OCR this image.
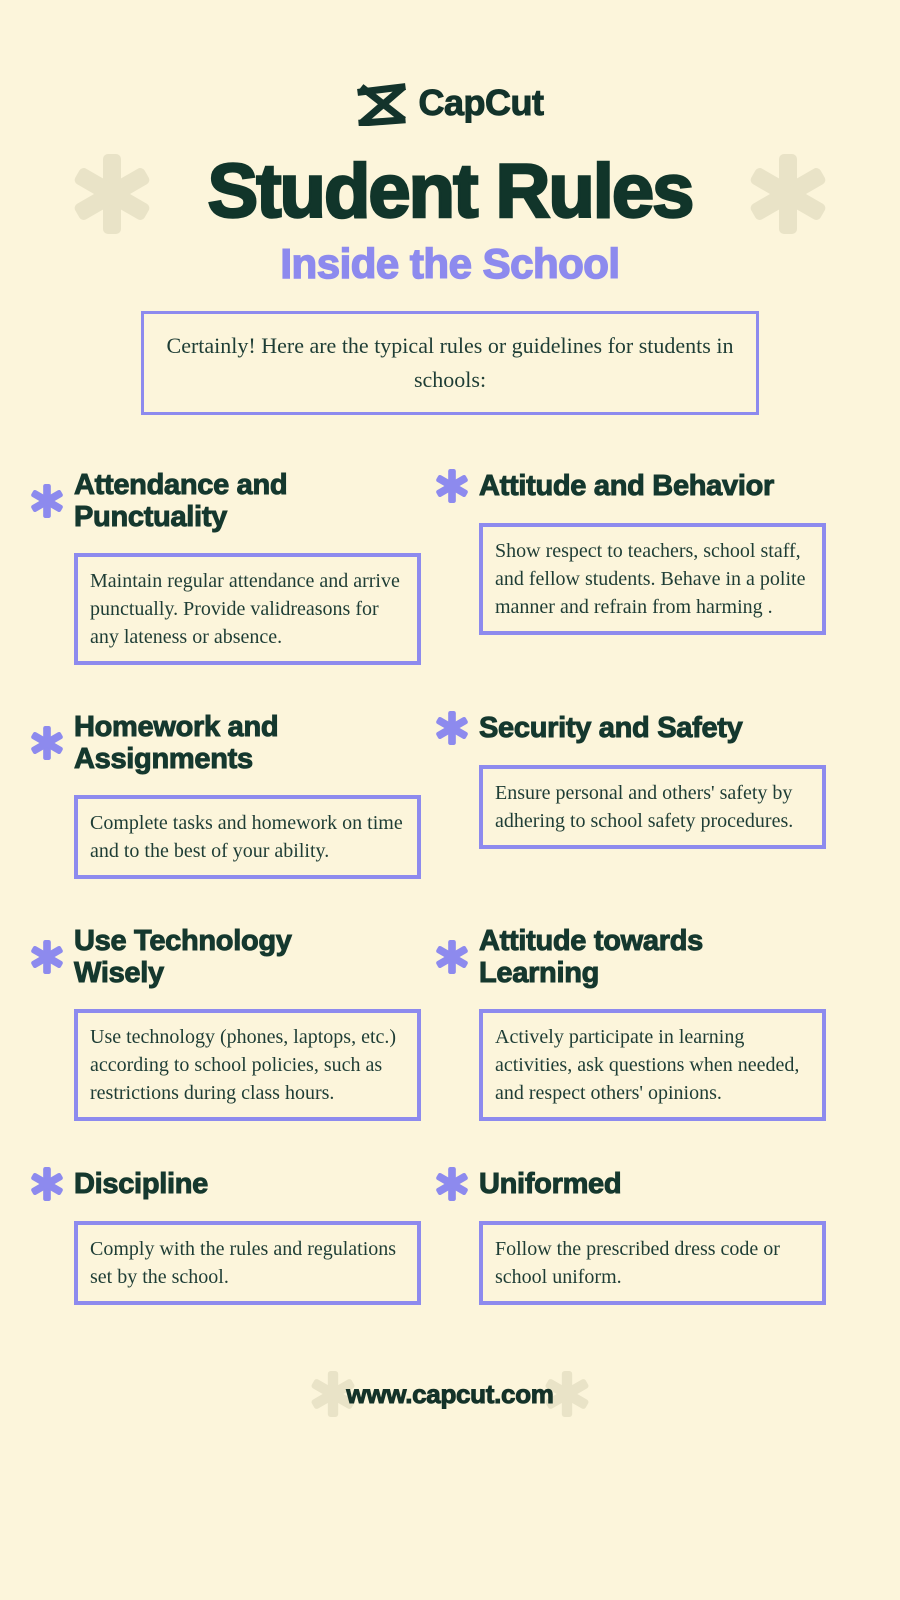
CapCut
Student Rules
Inside the School

Certainly! Here are the typical rules or guidelines for students in schools:

Attendance and Punctuality

Maintain regular attendance and arrive punctually. Provide validreasons for any lateness or absence.

Attitude and Behavior

Show respect to teachers, school staff, and fellow students. Behave in a polite manner and refrain from harming .

Homework and Assignments

Complete tasks and homework on time and to the best of your ability.

Security and Safety

Ensure personal and others' safety by adhering to school safety procedures.

Use Technology Wisely

Use technology (phones, laptops, etc.) according to school policies, such as restrictions during class hours.

Attitude towards Learning

Actively participate in learning activities, ask questions when needed, and respect others' opinions.

Discipline

Comply with the rules and regulations set by the school.

Uniformed

Follow the prescribed dress code or school uniform.

www.capcut.com
